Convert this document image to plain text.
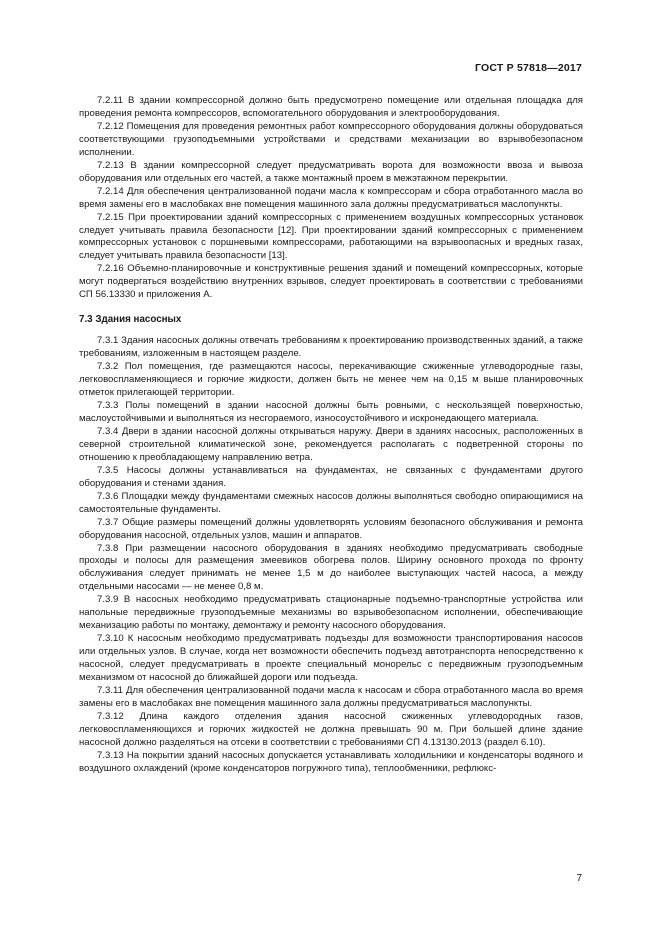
ГОСТ Р 57818—2017

7.2.11 В здании компрессорной должно быть предусмотрено помещение или отдельная площадка для проведения ремонта компрессоров, вспомогательного оборудования и электрооборудования.

7.2.12 Помещения для проведения ремонтных работ компрессорного оборудования должны оборудоваться соответствующими грузоподъемными устройствами и средствами механизации во взрывобезопасном исполнении.

7.2.13 В здании компрессорной следует предусматривать ворота для возможности ввоза и вывоза оборудования или отдельных его частей, а также монтажный проем в межэтажном перекрытии.

7.2.14 Для обеспечения централизованной подачи масла к компрессорам и сбора отработанного масла во время замены его в маслобаках вне помещения машинного зала должны предусматриваться маслопункты.

7.2.15 При проектировании зданий компрессорных с применением воздушных компрессорных установок следует учитывать правила безопасности [12]. При проектировании зданий компрессорных с применением компрессорных установок с поршневыми компрессорами, работающими на взрывоопасных и вредных газах, следует учитывать правила безопасности [13].

7.2.16 Объемно-планировочные и конструктивные решения зданий и помещений компрессорных, которые могут подвергаться воздействию внутренних взрывов, следует проектировать в соответствии с требованиями СП 56.13330 и приложения А.

7.3 Здания насосных

7.3.1 Здания насосных должны отвечать требованиям к проектированию производственных зданий, а также требованиям, изложенным в настоящем разделе.

7.3.2 Пол помещения, где размещаются насосы, перекачивающие сжиженные углеводородные газы, легковоспламеняющиеся и горючие жидкости, должен быть не менее чем на 0,15 м выше планировочных отметок прилегающей территории.

7.3.3 Полы помещений в здании насосной должны быть ровными, с нескользящей поверхностью, маслоустойчивыми и выполняться из несгораемого, износоустойчивого и искронедающего материала.

7.3.4 Двери в здании насосной должны открываться наружу. Двери в зданиях насосных, расположенных в северной строительной климатической зоне, рекомендуется располагать с подветренной стороны по отношению к преобладающему направлению ветра.

7.3.5 Насосы должны устанавливаться на фундаментах, не связанных с фундаментами другого оборудования и стенами здания.

7.3.6 Площадки между фундаментами смежных насосов должны выполняться свободно опирающимися на самостоятельные фундаменты.

7.3.7 Общие размеры помещений должны удовлетворять условиям безопасного обслуживания и ремонта оборудования насосной, отдельных узлов, машин и аппаратов.

7.3.8 При размещении насосного оборудования в зданиях необходимо предусматривать свободные проходы и полосы для размещения змеевиков обогрева полов. Ширину основного прохода по фронту обслуживания следует принимать не менее 1,5 м до наиболее выступающих частей насоса, а между отдельными насосами — не менее 0,8 м.

7.3.9 В насосных необходимо предусматривать стационарные подъемно-транспортные устройства или напольные передвижные грузоподъемные механизмы во взрывобезопасном исполнении, обеспечивающие механизацию работы по монтажу, демонтажу и ремонту насосного оборудования.

7.3.10 К насосным необходимо предусматривать подъезды для возможности транспортирования насосов или отдельных узлов. В случае, когда нет возможности обеспечить подъезд автотранспорта непосредственно к насосной, следует предусматривать в проекте специальный монорельс с передвижным грузоподъемным механизмом от насосной до ближайшей дороги или подъезда.

7.3.11 Для обеспечения централизованной подачи масла к насосам и сбора отработанного масла во время замены его в маслобаках вне помещения машинного зала должны предусматриваться маслопункты.

7.3.12 Длина каждого отделения здания насосной сжиженных углеводородных газов, легковоспламеняющихся и горючих жидкостей не должна превышать 90 м. При большей длине здание насосной должно разделяться на отсеки в соответствии с требованиями СП 4.13130.2013 (раздел 6.10).

7.3.13 На покрытии зданий насосных допускается устанавливать холодильники и конденсаторы водяного и воздушного охлаждений (кроме конденсаторов погружного типа), теплообменники, рефлюкс-

7
